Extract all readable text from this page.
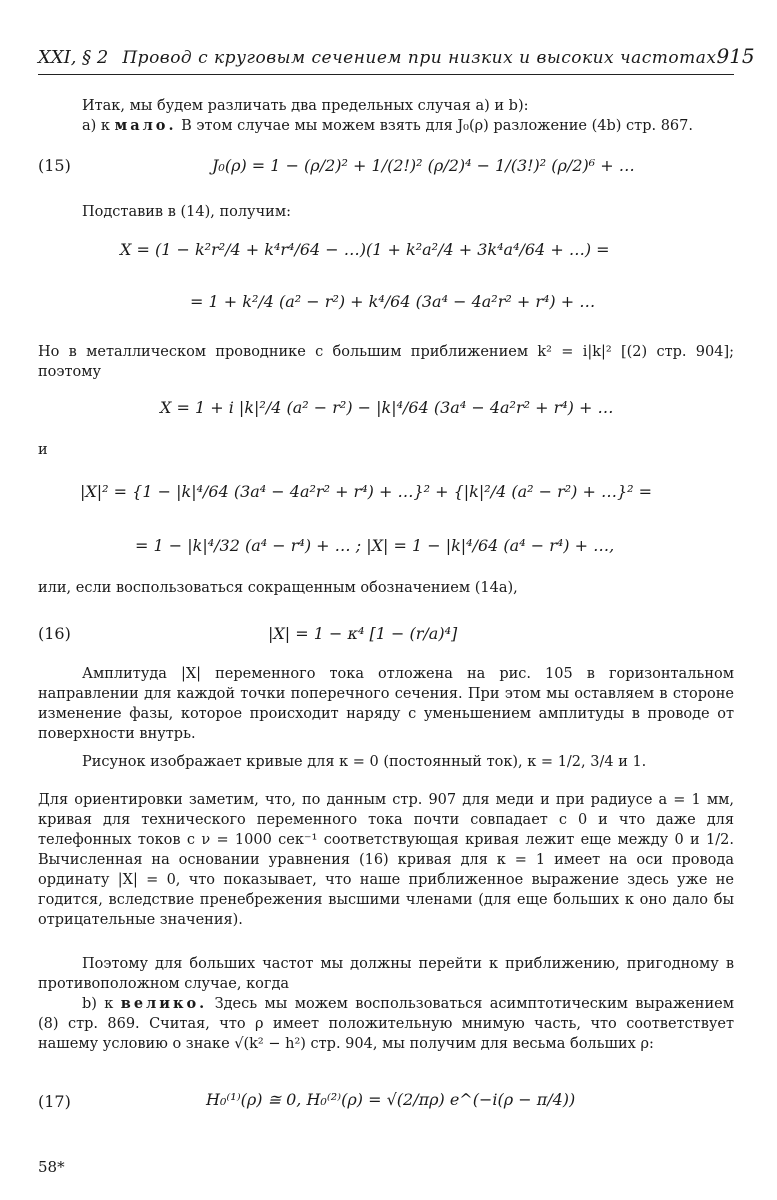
XXI, § 2 Провод с круговым сечением при низких и высоких частотах 915
Итак, мы будем различать два предельных случая a) и b):
a) κ мало. В этом случае мы можем взять для J₀(ρ) разложение (4b) стр. 867.
(15)	J₀(ρ) = 1 − (ρ/2)² + 1/(2!)² (ρ/2)⁴ − 1/(3!)² (ρ/2)⁶ + …
Подставив в (14), получим:
X = (1 − k²r²/4 + k⁴r⁴/64 − …)(1 + k²a²/4 + 3k⁴a⁴/64 + …) =
= 1 + k²/4 (a² − r²) + k⁴/64 (3a⁴ − 4a²r² + r⁴) + …
Но в металлическом проводнике с большим приближением k² = i|k|² [(2) стр. 904]; поэтому
X = 1 + i |k|²/4 (a² − r²) − |k|⁴/64 (3a⁴ − 4a²r² + r⁴) + …
и
|X|² = {1 − |k|⁴/64 (3a⁴ − 4a²r² + r⁴) + …}² + {|k|²/4 (a² − r²) + …}² =
= 1 − |k|⁴/32 (a⁴ − r⁴) + … ; |X| = 1 − |k|⁴/64 (a⁴ − r⁴) + …,
или, если воспользоваться сокращенным обозначением (14a),
(16)	|X| = 1 − κ⁴ [1 − (r/a)⁴]
Амплитуда |X| переменного тока отложена на рис. 105 в горизонтальном направлении для каждой точки поперечного сечения. При этом мы оставляем в стороне изменение фазы, которое происходит наряду с уменьшением амплитуды в проводе от поверхности внутрь.
Рисунок изображает кривые для κ = 0 (постоянный ток), κ = 1/2, 3/4 и 1.
Для ориентировки заметим, что, по данным стр. 907 для меди и при радиусе a = 1 мм, кривая для технического переменного тока почти совпадает с 0 и что даже для телефонных токов с ν = 1000 сек⁻¹ соответствующая кривая лежит еще между 0 и 1/2. Вычисленная на основании уравнения (16) кривая для κ = 1 имеет на оси провода ординату |X| = 0, что показывает, что наше приближенное выражение здесь уже не годится, вследствие пренебрежения высшими членами (для еще больших κ оно дало бы отрицательные значения).
Поэтому для больших частот мы должны перейти к приближению, пригодному в противоположном случае, когда
b) κ велико. Здесь мы можем воспользоваться асимптотическим выражением (8) стр. 869. Считая, что ρ имеет положительную мнимую часть, что соответствует нашему условию о знаке √(k² − h²) стр. 904, мы получим для весьма больших ρ:
(17)	H₀⁽¹⁾(ρ) ≅ 0, H₀⁽²⁾(ρ) = √(2/πρ) e^(−i(ρ − π/4))
58*
